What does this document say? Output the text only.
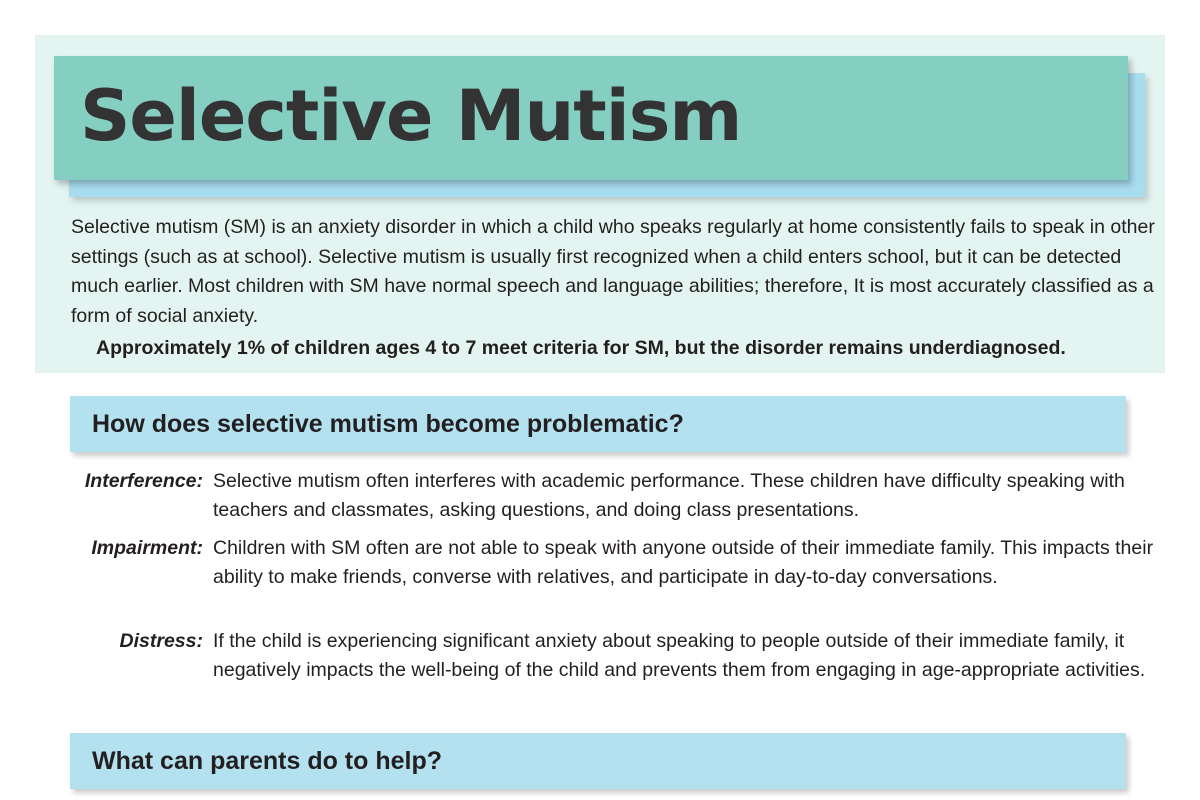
Selective Mutism

Selective mutism (SM) is an anxiety disorder in which a child who speaks regularly at home consistently fails to speak in other settings (such as at school). Selective mutism is usually first recognized when a child enters school, but it can be detected much earlier. Most children with SM have normal speech and language abilities; therefore, It is most accurately classified as a form of social anxiety.

Approximately 1% of children ages 4 to 7 meet criteria for SM, but the disorder remains underdiagnosed.

How does selective mutism become problematic?
Interference: Selective mutism often interferes with academic performance. These children have difficulty speaking with teachers and classmates, asking questions, and doing class presentations.

Impairment: Children with SM often are not able to speak with anyone outside of their immediate family. This impacts their ability to make friends, converse with relatives, and participate in day-to-day conversations.

Distress: If the child is experiencing significant anxiety about speaking to people outside of their immediate family, it negatively impacts the well-being of the child and prevents them from engaging in age-appropriate activities.

What can parents do to help?
